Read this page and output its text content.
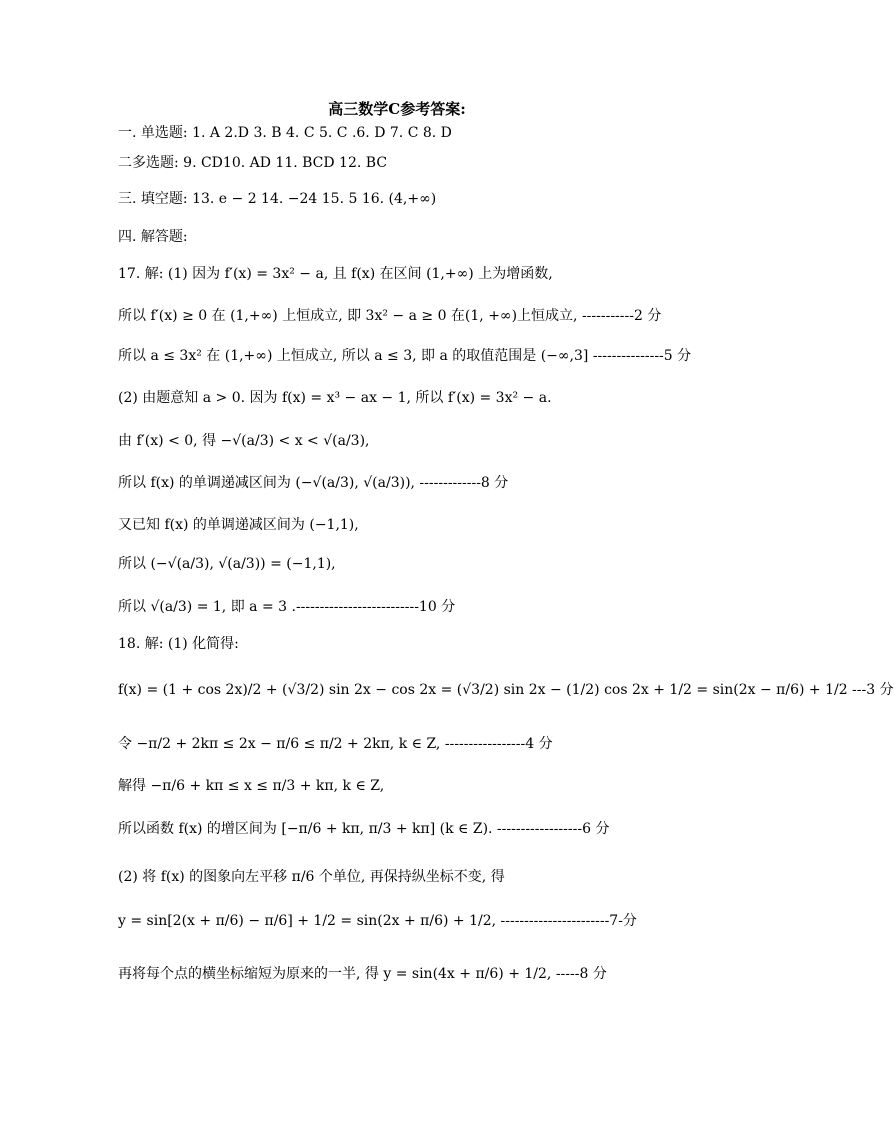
高三数学C参考答案:
一. 单选题: 1. A 2.D 3. B 4. C 5. C .6. D 7. C 8. D
二多选题: 9. CD10. AD 11. BCD 12. BC
三. 填空题: 13. e − 2 14. −24 15. 5 16. (4,+∞)
四. 解答题:
17. 解: (1) 因为 f′(x) = 3x² − a, 且 f(x) 在区间 (1,+∞) 上为增函数,
所以 f′(x) ≥ 0 在 (1,+∞) 上恒成立, 即 3x² − a ≥ 0 在(1, +∞)上恒成立, -----------2 分
所以 a ≤ 3x² 在 (1,+∞) 上恒成立, 所以 a ≤ 3, 即 a 的取值范围是 (−∞,3] ---------------5 分
(2) 由题意知 a > 0. 因为 f(x) = x³ − ax − 1, 所以 f′(x) = 3x² − a.
由 f′(x) < 0, 得 −√(a/3) < x < √(a/3),
所以 f(x) 的单调递减区间为 (−√(a/3), √(a/3)), -------------8 分
又已知 f(x) 的单调递减区间为 (−1,1),
所以 (−√(a/3), √(a/3)) = (−1,1),
所以 √(a/3) = 1, 即 a = 3 .--------------------------10 分
18. 解: (1) 化简得:
f(x) = (1 + cos 2x)/2 + (√3/2) sin 2x − cos 2x = (√3/2) sin 2x − (1/2) cos 2x + 1/2 = sin(2x − π/6) + 1/2 ---3 分
令 −π/2 + 2kπ ≤ 2x − π/6 ≤ π/2 + 2kπ, k ∈ Z, -----------------4 分
解得 −π/6 + kπ ≤ x ≤ π/3 + kπ, k ∈ Z,
所以函数 f(x) 的增区间为 [−π/6 + kπ, π/3 + kπ] (k ∈ Z). ------------------6 分
(2) 将 f(x) 的图象向左平移 π/6 个单位, 再保持纵坐标不变, 得
y = sin[2(x + π/6) − π/6] + 1/2 = sin(2x + π/6) + 1/2, -----------------------7-分
再将每个点的横坐标缩短为原来的一半, 得 y = sin(4x + π/6) + 1/2, -----8 分
